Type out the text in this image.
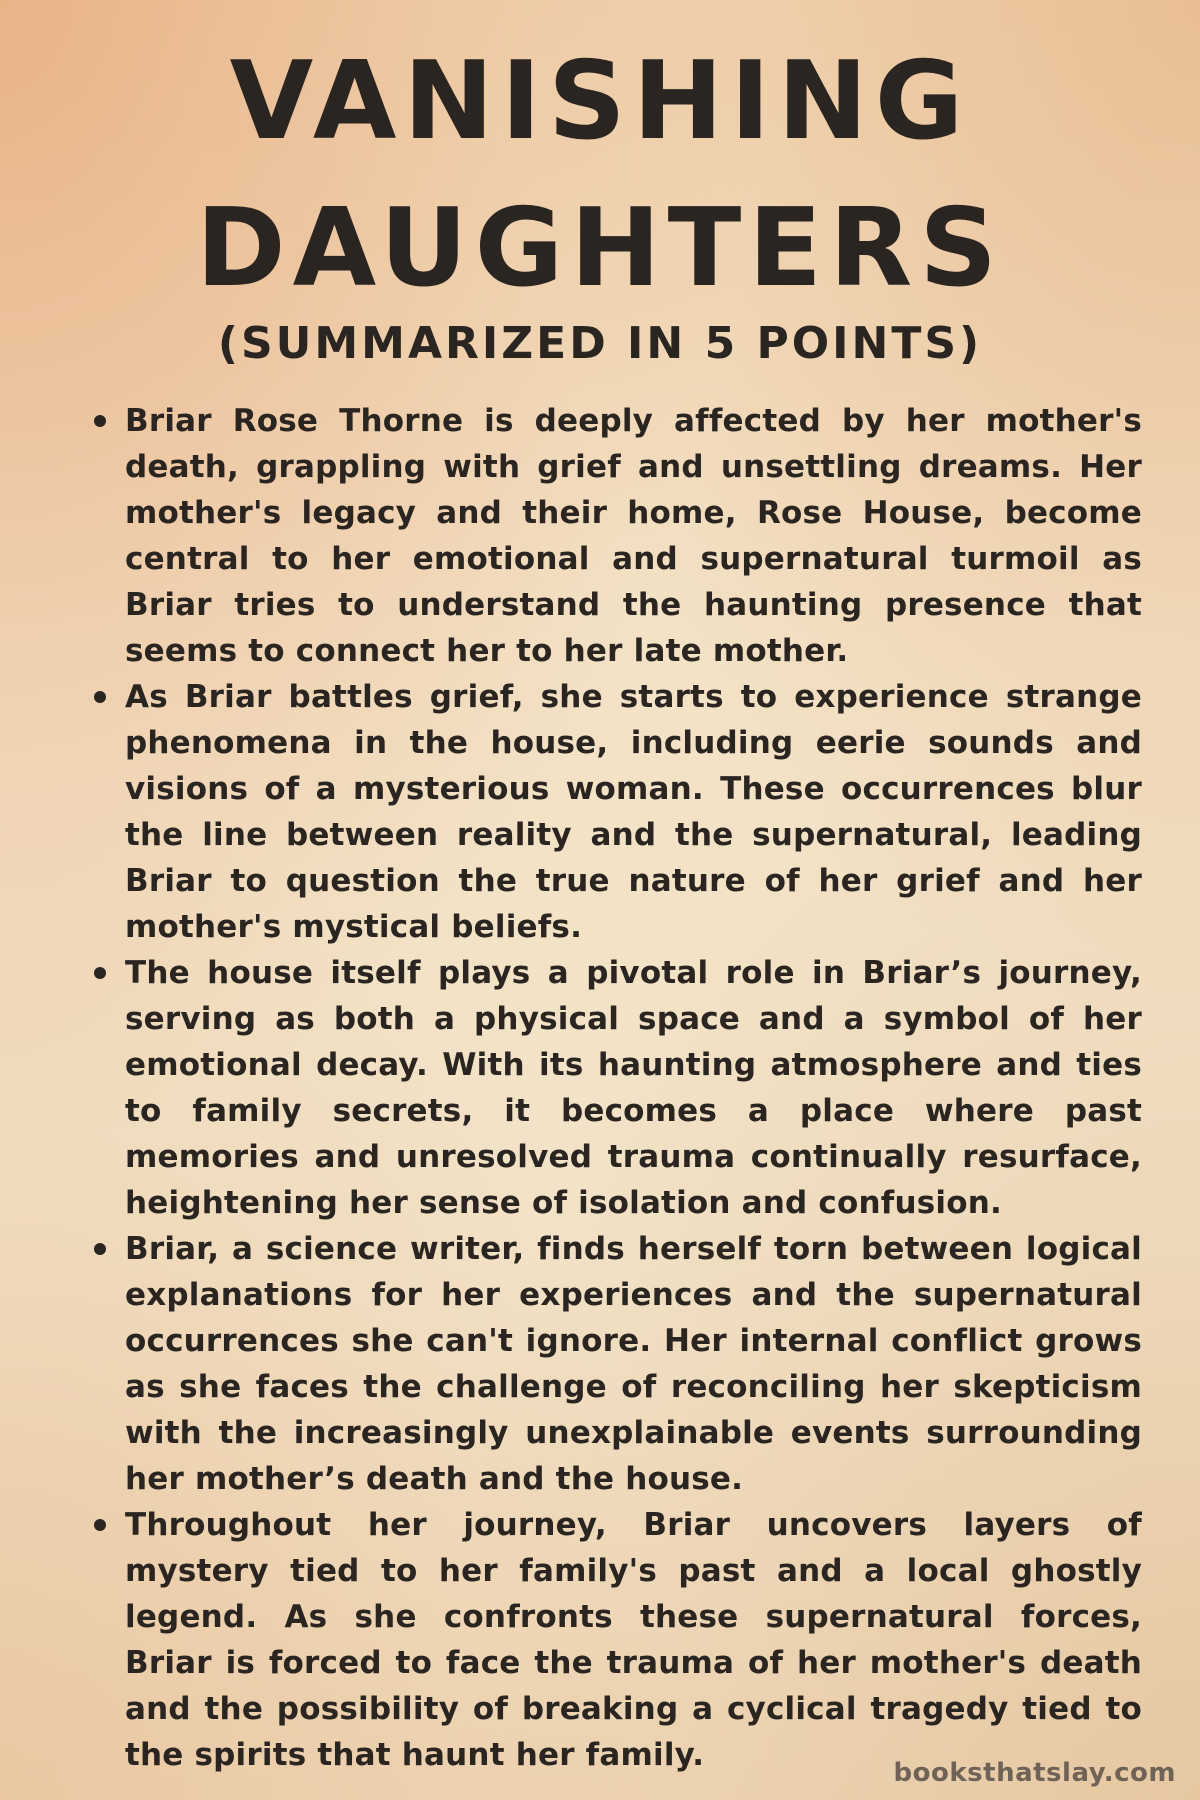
VANISHING
DAUGHTERS
(SUMMARIZED IN 5 POINTS)
Briar Rose Thorne is deeply affected by her mother's death, grappling with grief and unsettling dreams. Her mother's legacy and their home, Rose House, become central to her emotional and supernatural turmoil as Briar tries to understand the haunting presence that seems to connect her to her late mother.
As Briar battles grief, she starts to experience strange phenomena in the house, including eerie sounds and visions of a mysterious woman. These occurrences blur the line between reality and the supernatural, leading Briar to question the true nature of her grief and her mother's mystical beliefs.
The house itself plays a pivotal role in Briar’s journey, serving as both a physical space and a symbol of her emotional decay. With its haunting atmosphere and ties to family secrets, it becomes a place where past memories and unresolved trauma continually resurface, heightening her sense of isolation and confusion.
Briar, a science writer, finds herself torn between logical explanations for her experiences and the supernatural occurrences she can't ignore. Her internal conflict grows as she faces the challenge of reconciling her skepticism with the increasingly unexplainable events surrounding her mother’s death and the house.
Throughout her journey, Briar uncovers layers of mystery tied to her family's past and a local ghostly legend. As she confronts these supernatural forces, Briar is forced to face the trauma of her mother's death and the possibility of breaking a cyclical tragedy tied to the spirits that haunt her family.	booksthatslay.com
